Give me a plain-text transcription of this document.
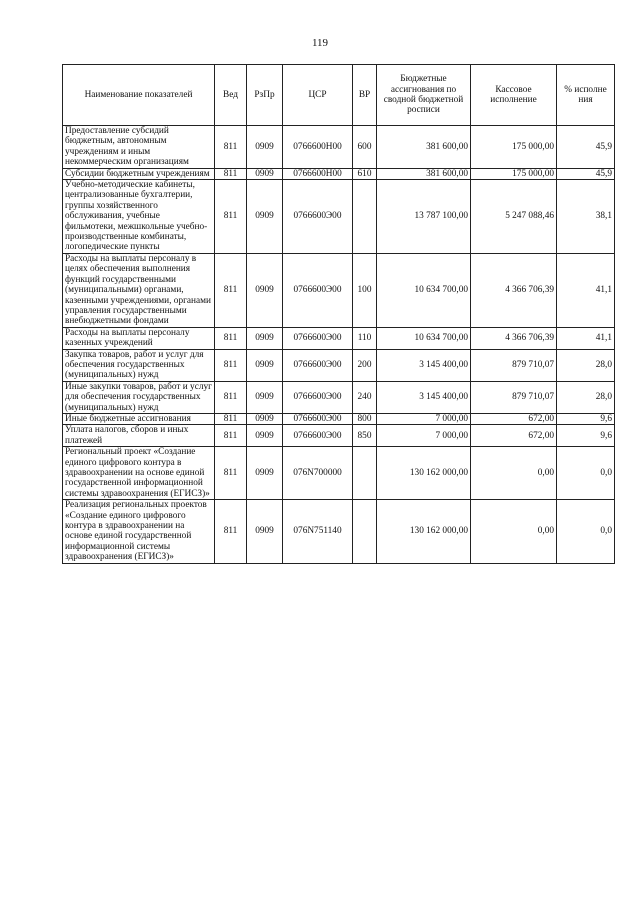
119
Наименование показателей	Вед	РзПр	ЦСР	ВР	Бюджетные ассигнования по сводной бюджетной росписи	Кассовое исполнение	% исполне ния
Предоставление субсидий бюджетным, автономным учреждениям и иным некоммерческим организациям	811	0909	0766600Н00	600	381 600,00	175 000,00	45,9
Субсидии бюджетным учреждениям	811	0909	0766600Н00	610	381 600,00	175 000,00	45,9
Учебно-методические кабинеты, централизованные бухгалтерии, группы хозяйственного обслуживания, учебные фильмотеки, межшкольные учебно-производственные комбинаты, логопедические пункты	811	0909	0766600Э00		13 787 100,00	5 247 088,46	38,1
Расходы на выплаты персоналу в целях обеспечения выполнения функций государственными (муниципальными) органами, казенными учреждениями, органами управления государственными внебюджетными фондами	811	0909	0766600Э00	100	10 634 700,00	4 366 706,39	41,1
Расходы на выплаты персоналу казенных учреждений	811	0909	0766600Э00	110	10 634 700,00	4 366 706,39	41,1
Закупка товаров, работ и услуг для обеспечения государственных (муниципальных) нужд	811	0909	0766600Э00	200	3 145 400,00	879 710,07	28,0
Иные закупки товаров, работ и услуг для обеспечения государственных (муниципальных) нужд	811	0909	0766600Э00	240	3 145 400,00	879 710,07	28,0
Иные бюджетные ассигнования	811	0909	0766600Э00	800	7 000,00	672,00	9,6
Уплата налогов, сборов и иных платежей	811	0909	0766600Э00	850	7 000,00	672,00	9,6
Региональный проект «Создание единого цифрового контура в здравоохранении на основе единой государственной информационной системы здравоохранения (ЕГИСЗ)»	811	0909	076N700000		130 162 000,00	0,00	0,0
Реализация региональных проектов «Создание единого цифрового контура в здравоохранении на основе единой государственной информационной системы здравоохранения (ЕГИСЗ)»	811	0909	076N751140		130 162 000,00	0,00	0,0
